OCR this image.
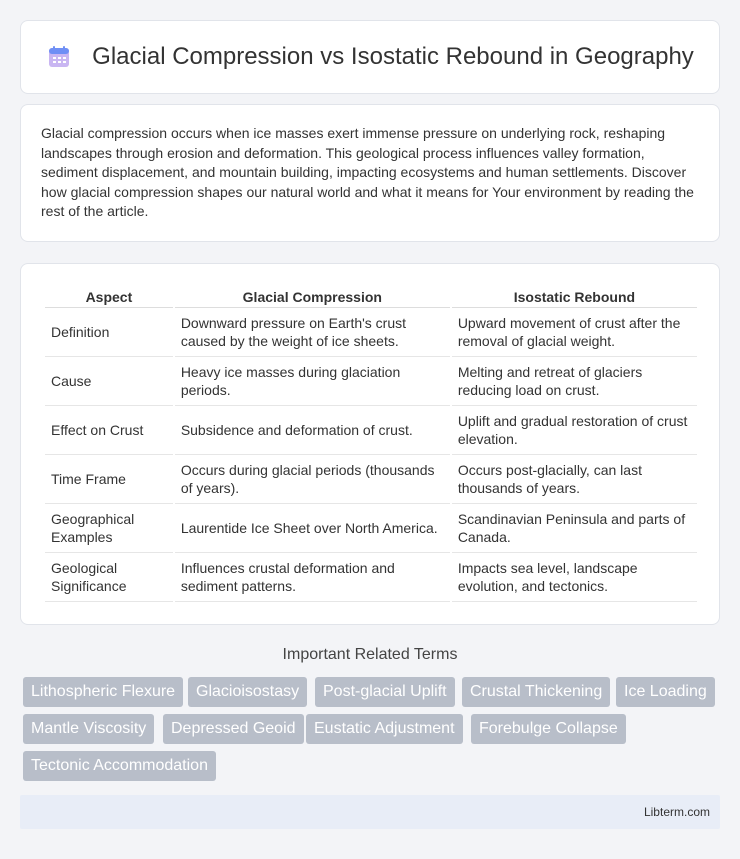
Glacial Compression vs Isostatic Rebound in Geography

Glacial compression occurs when ice masses exert immense pressure on underlying rock, reshaping landscapes through erosion and deformation. This geological process influences valley formation, sediment displacement, and mountain building, impacting ecosystems and human settlements. Discover how glacial compression shapes our natural world and what it means for Your environment by reading the rest of the article.

Aspect	Glacial Compression	Isostatic Rebound
Definition	Downward pressure on Earth's crust caused by the weight of ice sheets.	Upward movement of crust after the removal of glacial weight.
Cause	Heavy ice masses during glaciation periods.	Melting and retreat of glaciers reducing load on crust.
Effect on Crust	Subsidence and deformation of crust.	Uplift and gradual restoration of crust elevation.
Time Frame	Occurs during glacial periods (thousands of years).	Occurs post-glacially, can last thousands of years.
Geographical Examples	Laurentide Ice Sheet over North America.	Scandinavian Peninsula and parts of Canada.
Geological Significance	Influences crustal deformation and sediment patterns.	Impacts sea level, landscape evolution, and tectonics.
Important Related Terms
Lithospheric Flexure	Glacioisostasy	Post-glacial Uplift	Crustal Thickening	Ice Loading
Mantle Viscosity	Depressed Geoid	Eustatic Adjustment	Forebulge Collapse
Tectonic Accommodation
Libterm.com
